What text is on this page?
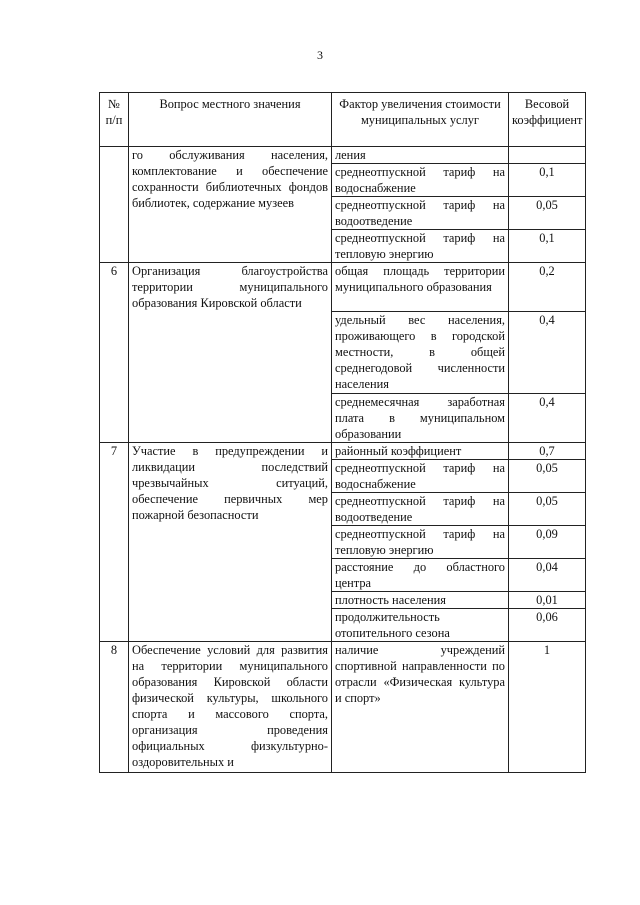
3
№ п/п	Вопрос местного значения	Фактор увеличения стоимости муниципальных услуг	Весовой коэффициент
	го обслуживания населения, комплектование и обеспечение сохранности библиотечных фондов библиотек, содержание музеев	ления	
		среднеотпускной тариф на водоснабжение	0,1
		среднеотпускной тариф на водоотведение	0,05
		среднеотпускной тариф на тепловую энергию	0,1
6	Организация благоустройства территории муниципального образования Кировской области	общая площадь территории муниципального образования	0,2
		удельный вес населения, проживающего в городской местности, в общей среднегодовой численности населения	0,4
		среднемесячная заработная плата в муниципальном образовании	0,4
7	Участие в предупреждении и ликвидации последствий чрезвычайных ситуаций, обеспечение первичных мер пожарной безопасности	районный коэффициент	0,7
		среднеотпускной тариф на водоснабжение	0,05
		среднеотпускной тариф на водоотведение	0,05
		среднеотпускной тариф на тепловую энергию	0,09
		расстояние до областного центра	0,04
		плотность населения	0,01
		продолжительность отопительного сезона	0,06
8	Обеспечение условий для развития на территории муниципального образования Кировской области физической культуры, школьного спорта и массового спорта, организация проведения официальных физкультурно-оздоровительных и	наличие учреждений спортивной направленности по отрасли «Физическая культура и спорт»	1
